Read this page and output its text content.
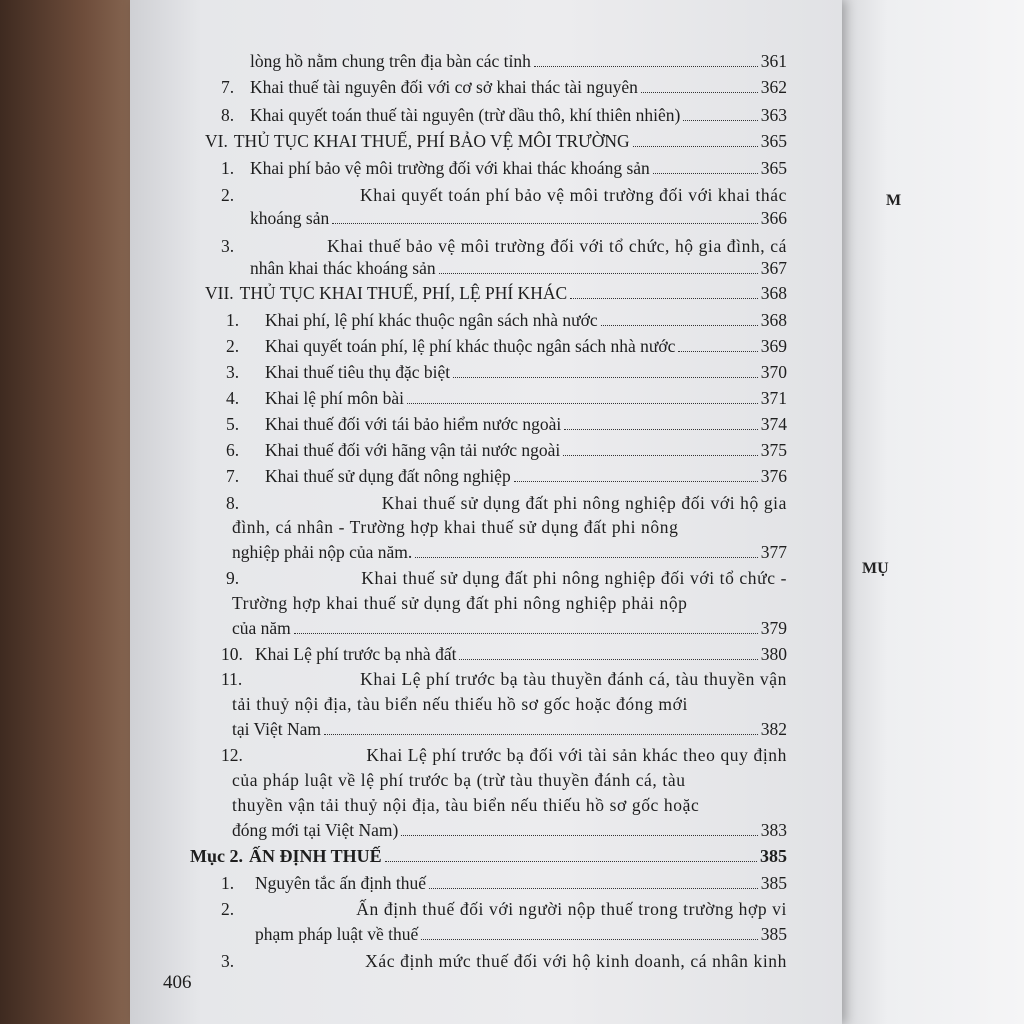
M
MỤ
lòng hồ nằm chung trên địa bàn các tỉnh	361
7. Khai thuế tài nguyên đối với cơ sở khai thác tài nguyên	362
8. Khai quyết toán thuế tài nguyên (trừ dầu thô, khí thiên nhiên)	363
VI. THỦ TỤC KHAI THUẾ, PHÍ BẢO VỆ MÔI TRƯỜNG	365
1. Khai phí bảo vệ môi trường đối với khai thác khoáng sản	365
2.	Khai quyết toán phí bảo vệ môi trường đối với khai thác
khoáng sản	366
3.	Khai thuế bảo vệ môi trường đối với tổ chức, hộ gia đình, cá
nhân khai thác khoáng sản	367
VII. THỦ TỤC KHAI THUẾ, PHÍ, LỆ PHÍ KHÁC	368
1.	Khai phí, lệ phí khác thuộc ngân sách nhà nước	368
2.	Khai quyết toán phí, lệ phí khác thuộc ngân sách nhà nước	369
3.	Khai thuế tiêu thụ đặc biệt	370
4.	Khai lệ phí môn bài	371
5.	Khai thuế đối với tái bảo hiểm nước ngoài	374
6.	Khai thuế đối với hãng vận tải nước ngoài	375
7.	Khai thuế sử dụng đất nông nghiệp	376
8.	Khai thuế sử dụng đất phi nông nghiệp đối với hộ gia
đình, cá nhân - Trường hợp khai thuế sử dụng đất phi nông
nghiệp phải nộp của năm.	377
9.	Khai thuế sử dụng đất phi nông nghiệp đối với tổ chức -
Trường hợp khai thuế sử dụng đất phi nông nghiệp phải nộp
của năm	379
10. Khai Lệ phí trước bạ nhà đất	380
11.	Khai Lệ phí trước bạ tàu thuyền đánh cá, tàu thuyền vận
tải thuỷ nội địa, tàu biển nếu thiếu hồ sơ gốc hoặc đóng mới
tại Việt Nam	382
12.	Khai Lệ phí trước bạ đối với tài sản khác theo quy định
của pháp luật về lệ phí trước bạ (trừ tàu thuyền đánh cá, tàu
thuyền vận tải thuỷ nội địa, tàu biển nếu thiếu hồ sơ gốc hoặc
đóng mới tại Việt Nam)	383
Mục 2. ẤN ĐỊNH THUẾ	385
1.	Nguyên tắc ấn định thuế	385
2.	Ấn định thuế đối với người nộp thuế trong trường hợp vi
phạm pháp luật về thuế	385
3.	Xác định mức thuế đối với hộ kinh doanh, cá nhân kinh
406
